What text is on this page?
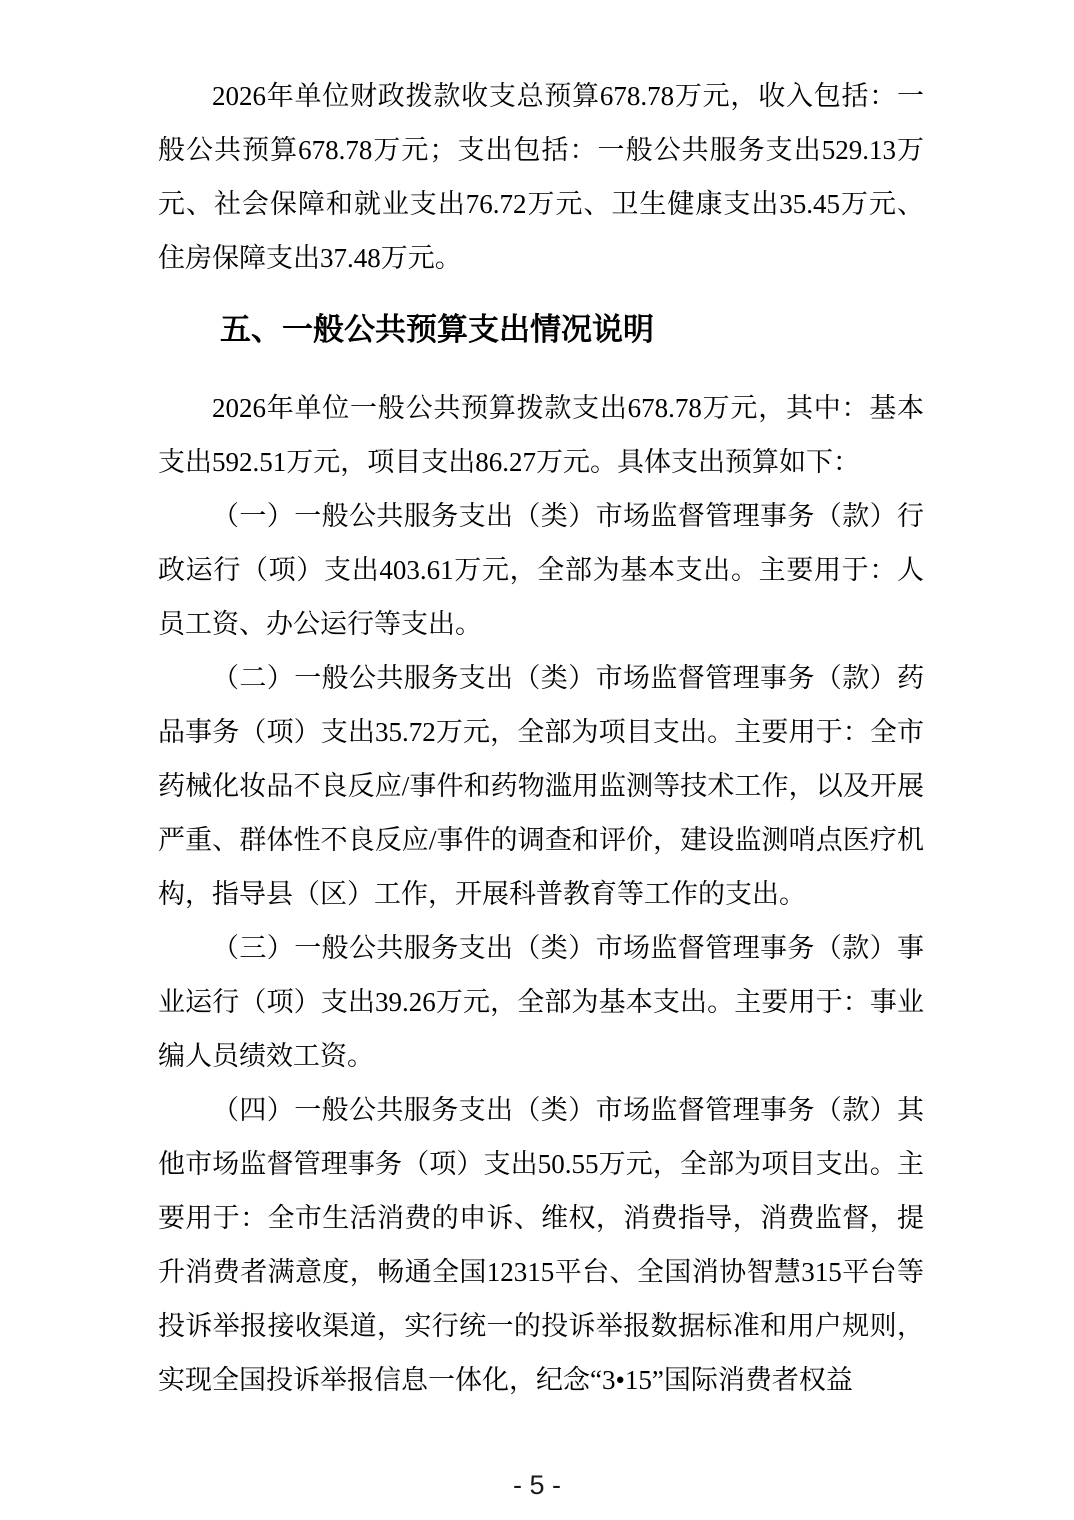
2026年单位财政拨款收支总预算678.78万元，收入包括：一般公共预算678.78万元；支出包括：一般公共服务支出529.13万元、社会保障和就业支出76.72万元、卫生健康支出35.45万元、住房保障支出37.48万元。

五、一般公共预算支出情况说明

2026年单位一般公共预算拨款支出678.78万元，其中：基本支出592.51万元，项目支出86.27万元。具体支出预算如下：

（一）一般公共服务支出（类）市场监督管理事务（款）行政运行（项）支出403.61万元，全部为基本支出。主要用于：人员工资、办公运行等支出。

（二）一般公共服务支出（类）市场监督管理事务（款）药品事务（项）支出35.72万元，全部为项目支出。主要用于：全市药械化妆品不良反应/事件和药物滥用监测等技术工作，以及开展严重、群体性不良反应/事件的调查和评价，建设监测哨点医疗机构，指导县（区）工作，开展科普教育等工作的支出。

（三）一般公共服务支出（类）市场监督管理事务（款）事业运行（项）支出39.26万元，全部为基本支出。主要用于：事业编人员绩效工资。

（四）一般公共服务支出（类）市场监督管理事务（款）其他市场监督管理事务（项）支出50.55万元，全部为项目支出。主要用于：全市生活消费的申诉、维权，消费指导，消费监督，提升消费者满意度，畅通全国12315平台、全国消协智慧315平台等投诉举报接收渠道，实行统一的投诉举报数据标准和用户规则，实现全国投诉举报信息一体化，纪念“3•15”国际消费者权益

- 5 -
